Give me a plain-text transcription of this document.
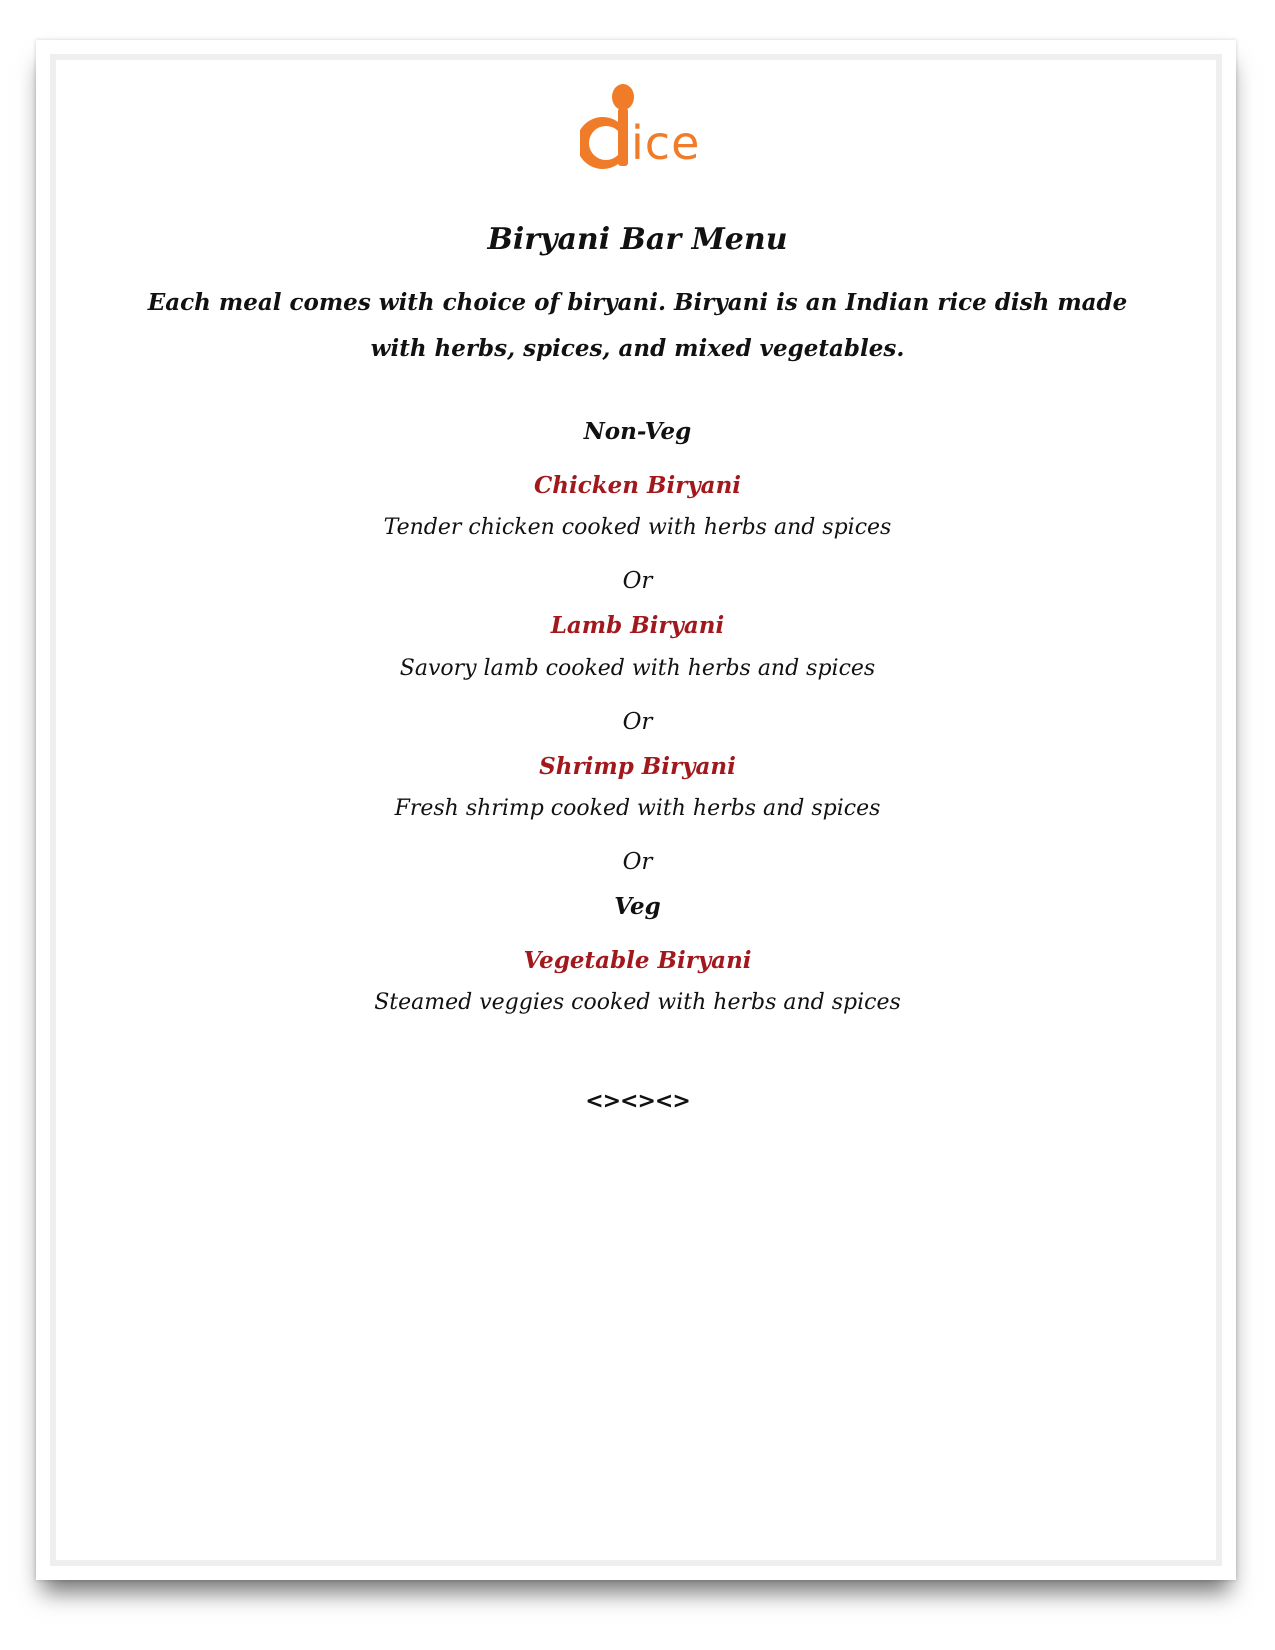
ice
Biryani Bar Menu
Each meal comes with choice of biryani. Biryani is an Indian rice dish made with herbs, spices, and mixed vegetables.
Non-Veg
Chicken Biryani
Tender chicken cooked with herbs and spices
Or
Lamb Biryani
Savory lamb cooked with herbs and spices
Or
Shrimp Biryani
Fresh shrimp cooked with herbs and spices
Or
Veg
Vegetable Biryani
Steamed veggies cooked with herbs and spices
<><><>
